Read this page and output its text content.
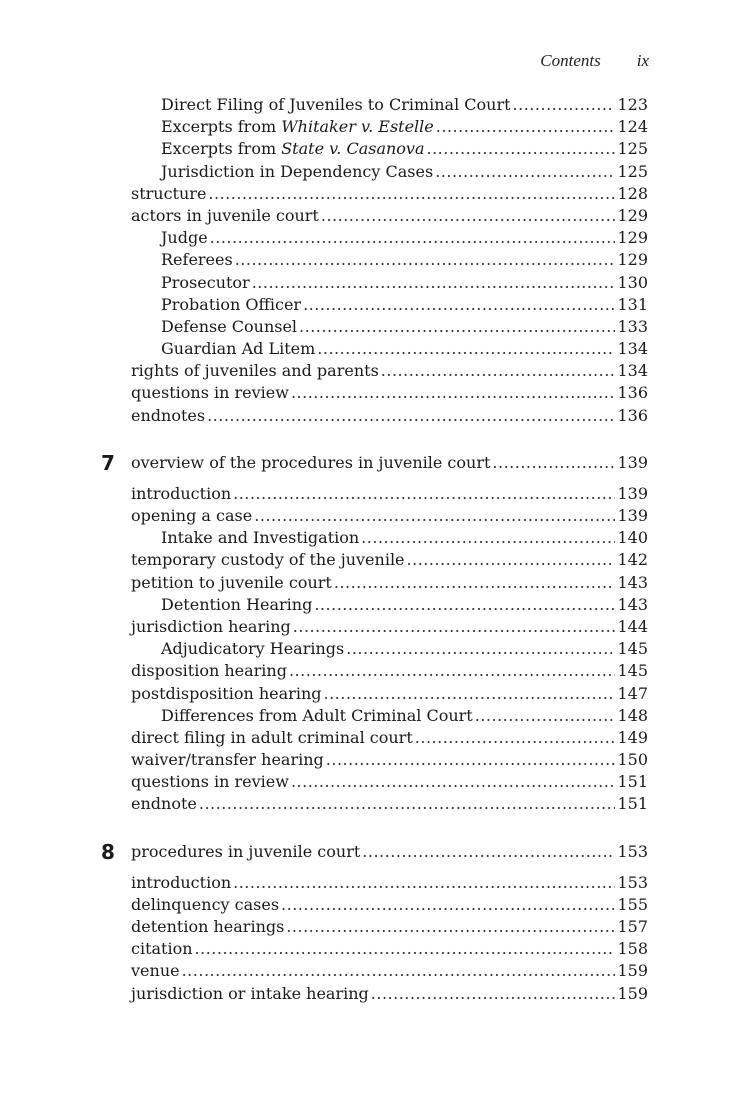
Contents ix
Direct Filing of Juveniles to Criminal Court .....	123
Excerpts from Whitaker v. Estelle .....	124
Excerpts from State v. Casanova .....	125
Jurisdiction in Dependency Cases .....	125
structure .....	128
actors in juvenile court .....	129
Judge .....	129
Referees .....	129
Prosecutor .....	130
Probation Officer .....	131
Defense Counsel .....	133
Guardian Ad Litem .....	134
rights of juveniles and parents .....	134
questions in review .....	136
endnotes .....	136
7 overview of the procedures in juvenile court .....	139
introduction .....	139
opening a case .....	139
Intake and Investigation .....	140
temporary custody of the juvenile .....	142
petition to juvenile court .....	143
Detention Hearing .....	143
jurisdiction hearing .....	144
Adjudicatory Hearings .....	145
disposition hearing .....	145
postdisposition hearing .....	147
Differences from Adult Criminal Court .....	148
direct filing in adult criminal court .....	149
waiver/transfer hearing .....	150
questions in review .....	151
endnote .....	151
8 procedures in juvenile court .....	153
introduction .....	153
delinquency cases .....	155
detention hearings .....	157
citation .....	158
venue .....	159
jurisdiction or intake hearing .....	159
